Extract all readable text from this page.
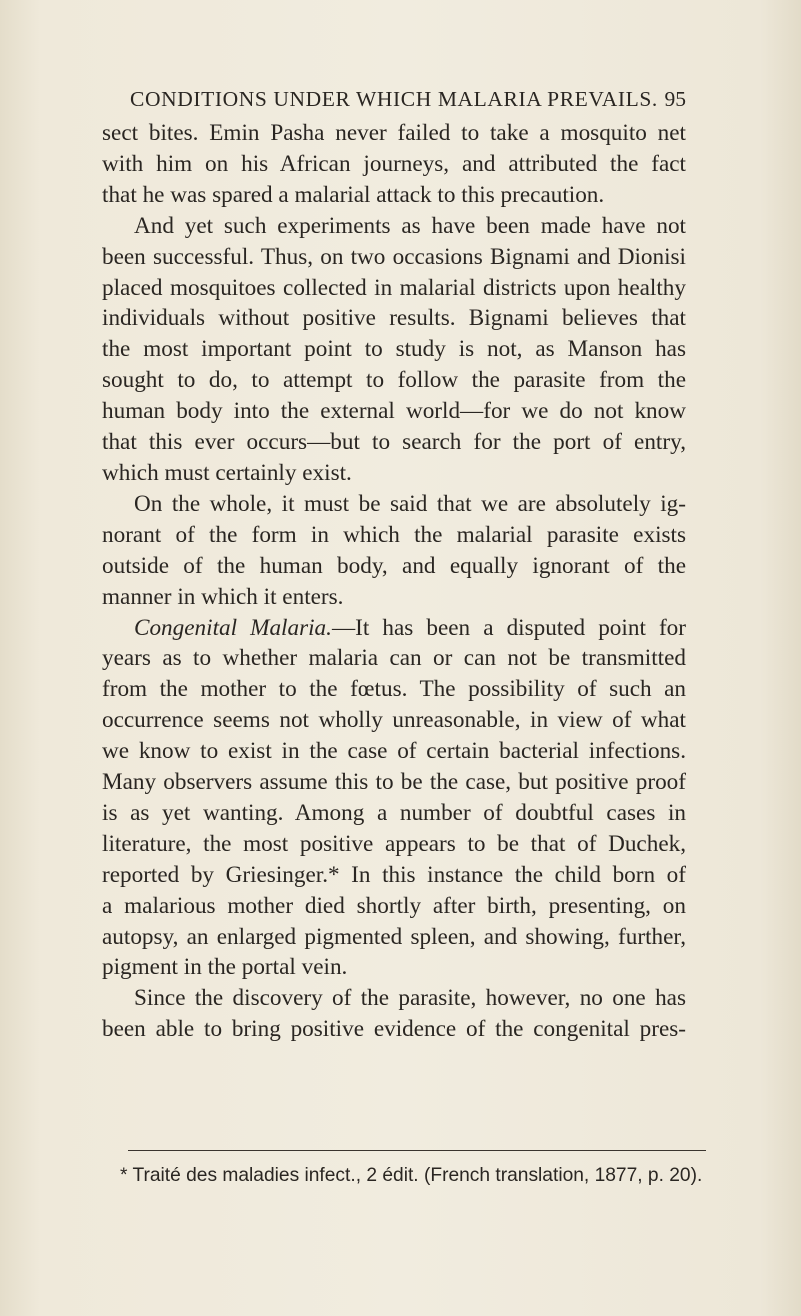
CONDITIONS UNDER WHICH MALARIA PREVAILS. 95

sect bites. Emin Pasha never failed to take a mosquito net

with him on his African journeys, and attributed the fact

that he was spared a malarial attack to this precaution.

And yet such experiments as have been made have not

been successful. Thus, on two occasions Bignami and Dionisi

placed mosquitoes collected in malarial districts upon healthy

individuals without positive results. Bignami believes that

the most important point to study is not, as Manson has

sought to do, to attempt to follow the parasite from the

human body into the external world—for we do not know

that this ever occurs—but to search for the port of entry,

which must certainly exist.

On the whole, it must be said that we are absolutely ig-

norant of the form in which the malarial parasite exists

outside of the human body, and equally ignorant of the

manner in which it enters.

Congenital Malaria.—It has been a disputed point for

years as to whether malaria can or can not be transmitted

from the mother to the fœtus. The possibility of such an

occurrence seems not wholly unreasonable, in view of what

we know to exist in the case of certain bacterial infections.

Many observers assume this to be the case, but positive proof

is as yet wanting. Among a number of doubtful cases in

literature, the most positive appears to be that of Duchek,

reported by Griesinger.* In this instance the child born of

a malarious mother died shortly after birth, presenting, on

autopsy, an enlarged pigmented spleen, and showing, further,

pigment in the portal vein.

Since the discovery of the parasite, however, no one has

been able to bring positive evidence of the congenital pres-

* Traité des maladies infect., 2 édit. (French translation, 1877, p. 20).
